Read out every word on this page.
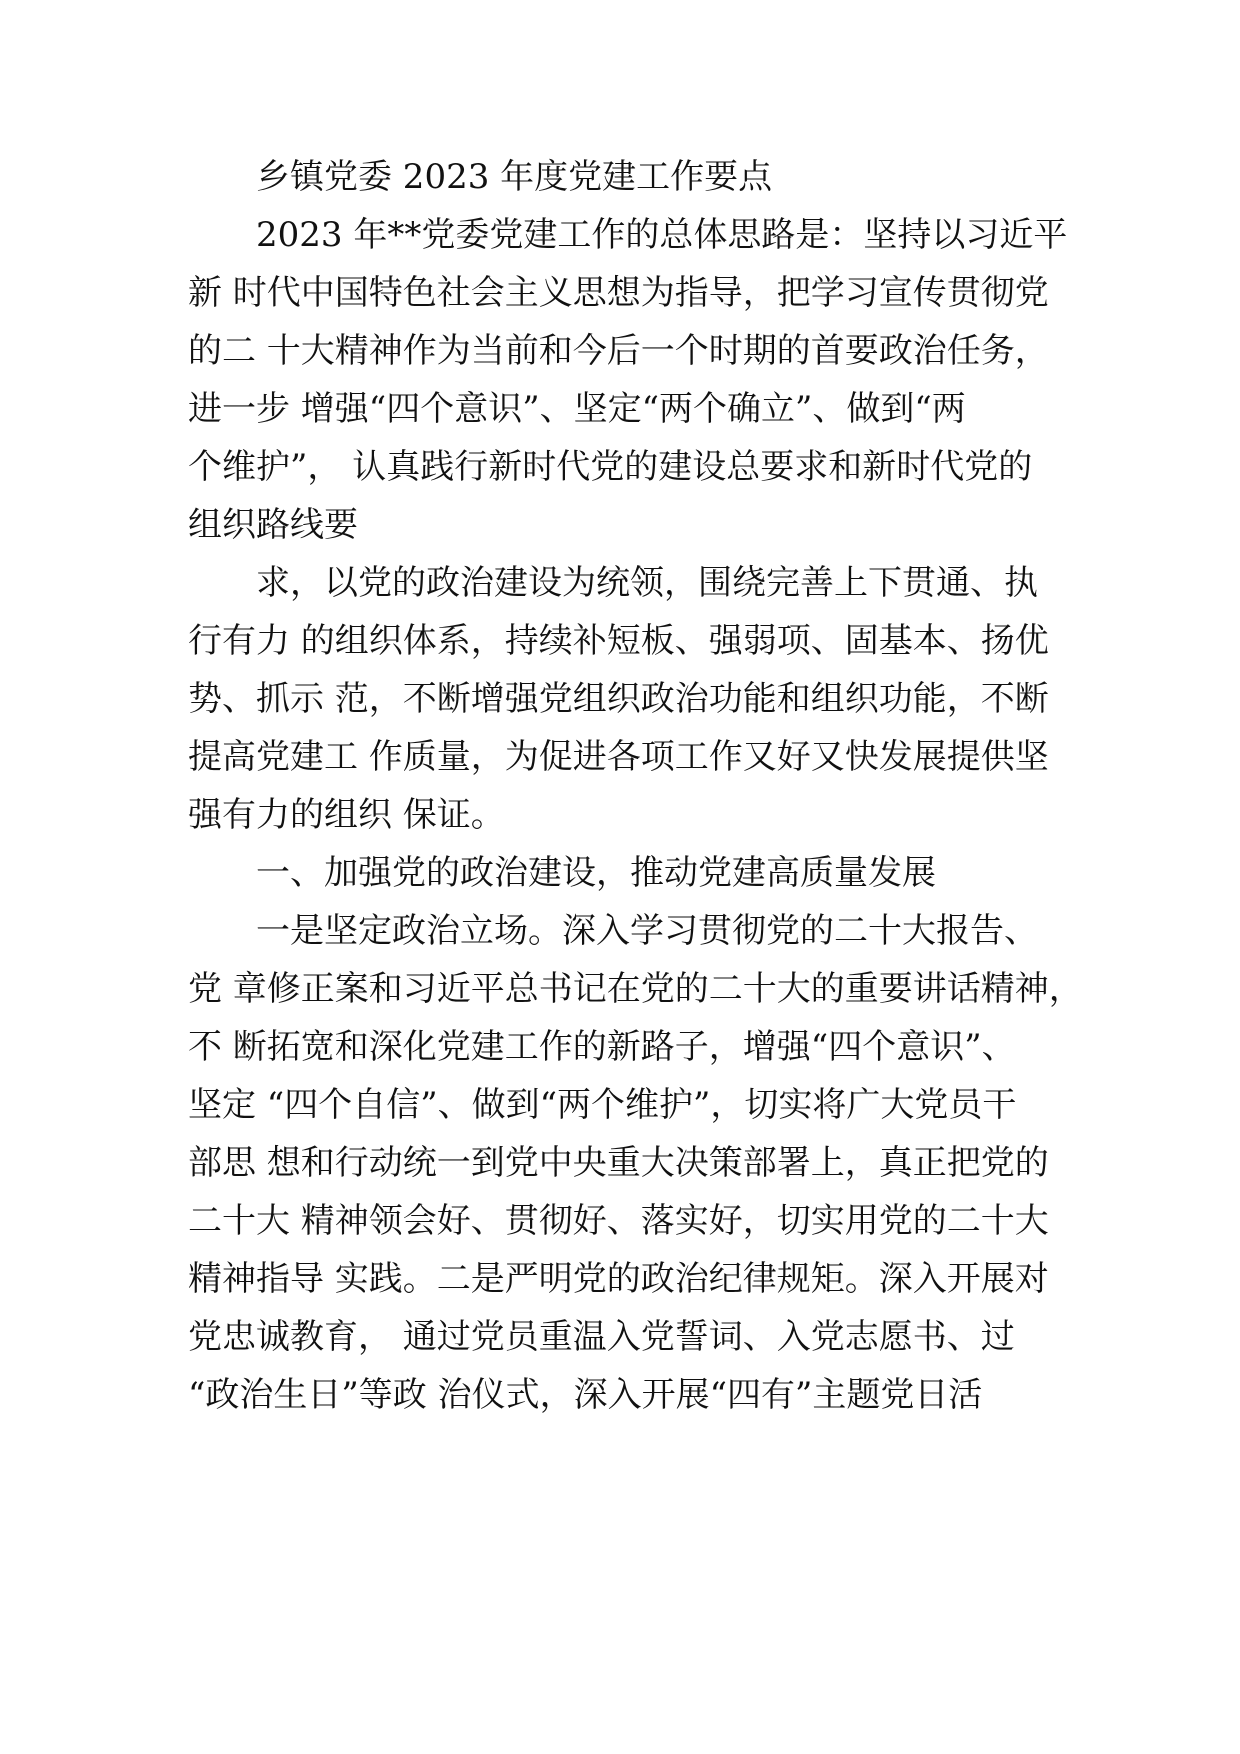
乡镇党委 2023 年度党建工作要点

2023 年**党委党建工作的总体思路是：坚持以习近平

新 时代中国特色社会主义思想为指导，把学习宣传贯彻党

的二 十大精神作为当前和今后一个时期的首要政治任务，

进一步 增强“四个意识”、坚定“两个确立”、做到“两

个维护”， 认真践行新时代党的建设总要求和新时代党的

组织路线要

求，以党的政治建设为统领，围绕完善上下贯通、执

行有力 的组织体系，持续补短板、强弱项、固基本、扬优

势、抓示 范，不断增强党组织政治功能和组织功能，不断

提高党建工 作质量，为促进各项工作又好又快发展提供坚

强有力的组织 保证。

一、加强党的政治建设，推动党建高质量发展

一是坚定政治立场。深入学习贯彻党的二十大报告、

党 章修正案和习近平总书记在党的二十大的重要讲话精神，

不 断拓宽和深化党建工作的新路子，增强“四个意识”、

坚定 “四个自信”、做到“两个维护”，切实将广大党员干

部思 想和行动统一到党中央重大决策部署上，真正把党的

二十大 精神领会好、贯彻好、落实好，切实用党的二十大

精神指导 实践。二是严明党的政治纪律规矩。深入开展对

党忠诚教育， 通过党员重温入党誓词、入党志愿书、过

“政治生日”等政 治仪式，深入开展“四有”主题党日活
